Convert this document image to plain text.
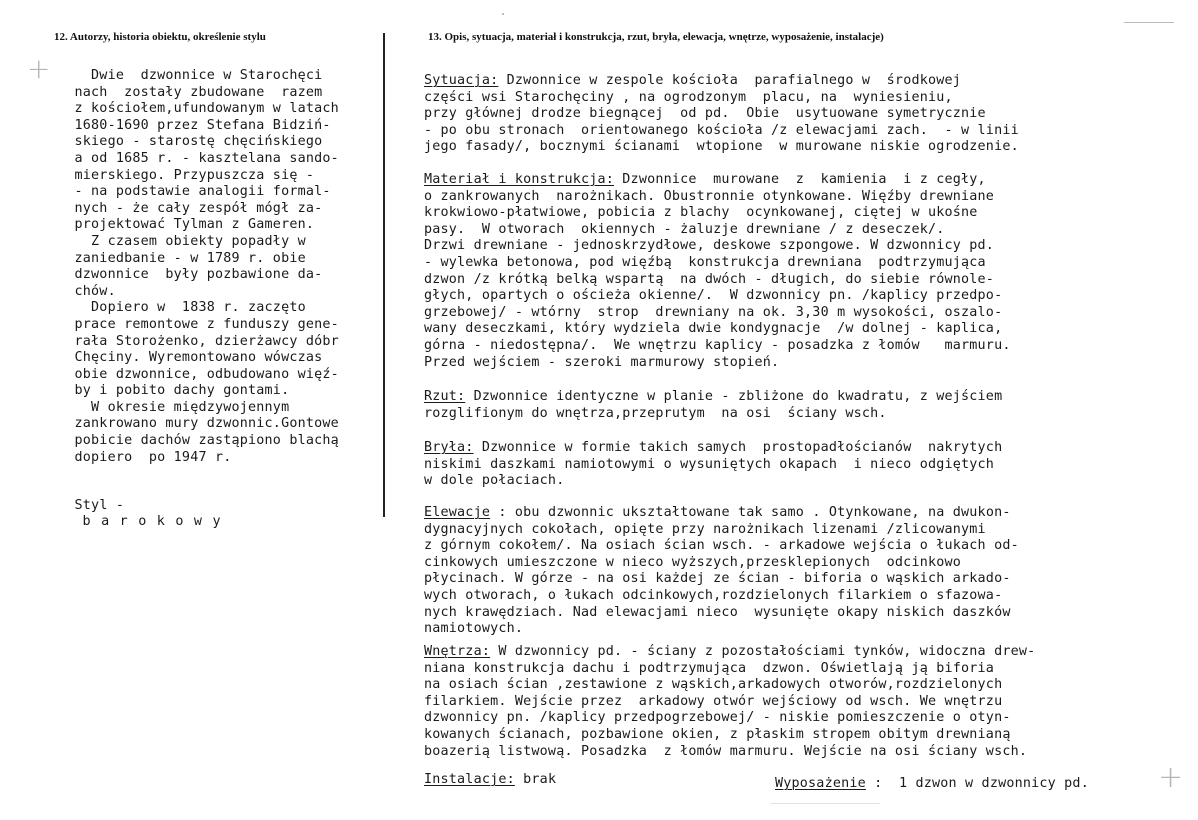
12. Autorzy, historia obiektu, określenie stylu	13. Opis, sytuacja, materiał i konstrukcja, rzut, bryła, elewacja, wnętrze, wyposażenie, instalacje)
+
+
Dwie  dzwonnice w Starochęci
nach  zostały zbudowane  razem
z kościołem,ufundowanym w latach
1680-1690 przez Stefana Bidziń-
skiego - starostę chęcińskiego
a od 1685 r. - kasztelana sando-
mierskiego. Przypuszcza się -
- na podstawie analogii formal-
nych - że cały zespół mógł za-
projektować Tylman z Gameren.
Z czasem obiekty popadły w
zaniedbanie - w 1789 r. obie
dzwonnice  były pozbawione da-
chów.
Dopiero w  1838 r. zaczęto
prace remontowe z funduszy gene-
rała Storożenko, dzierżawcy dóbr
Chęciny. Wyremontowano wówczas
obie dzwonnice, odbudowano więź-
by i pobito dachy gontami.
W okresie międzywojennym
zankrowano mury dzwonnic.Gontowe
pobicie dachów zastąpiono blachą
dopiero  po 1947 r.

Styl -
barokowy

Sytuacja: Dzwonnice w zespole kościoła  parafialnego w  środkowej
części wsi Starochęciny , na ogrodzonym  placu, na  wyniesieniu,
przy głównej drodze biegnącej  od pd.  Obie  usytuowane symetrycznie
- po obu stronach  orientowanego kościoła /z elewacjami zach.  - w linii
jego fasady/, bocznymi ścianami  wtopione  w murowane niskie ogrodzenie.
Materiał i konstrukcja: Dzwonnice  murowane  z  kamienia  i z cegły,
o zankrowanych  narożnikach. Obustronnie otynkowane. Więźby drewniane
krokwiowo-płatwiowe, pobicia z blachy  ocynkowanej, ciętej w ukośne
pasy.  W otworach  okiennych - żaluzje drewniane / z deseczek/.
Drzwi drewniane - jednoskrzydłowe, deskowe szpongowe. W dzwonnicy pd.
- wylewka betonowa, pod więźbą  konstrukcja drewniana  podtrzymująca
dzwon /z krótką belką wspartą  na dwóch - długich, do siebie równole-
głych, opartych o ościeża okienne/.  W dzwonnicy pn. /kaplicy przedpo-
grzebowej/ - wtórny  strop  drewniany na ok. 3,30 m wysokości, oszalo-
wany deseczkami, który wydziela dwie kondygnacje  /w dolnej - kaplica,
górna - niedostępna/.  We wnętrzu kaplicy - posadzka z łomów   marmuru.
Przed wejściem - szeroki marmurowy stopień.
Rzut: Dzwonnice identyczne w planie - zbliżone do kwadratu, z wejściem
rozglifionym do wnętrza,przeprutym  na osi  ściany wsch.
Bryła: Dzwonnice w formie takich samych  prostopadłościanów  nakrytych
niskimi daszkami namiotowymi o wysuniętych okapach  i nieco odgiętych
w dole połaciach.
Elewacje : obu dzwonnic ukształtowane tak samo . Otynkowane, na dwukon-
dygnacyjnych cokołach, opięte przy narożnikach lizenami /zlicowanymi
z górnym cokołem/. Na osiach ścian wsch. - arkadowe wejścia o łukach od-
cinkowych umieszczone w nieco wyższych,przesklepionych  odcinkowo
płycinach. W górze - na osi każdej ze ścian - biforia o wąskich arkado-
wych otworach, o łukach odcinkowych,rozdzielonych filarkiem o sfazowa-
nych krawędziach. Nad elewacjami nieco  wysunięte okapy niskich daszków
namiotowych.
Wnętrza: W dzwonnicy pd. - ściany z pozostałościami tynków, widoczna drew-
niana konstrukcja dachu i podtrzymująca  dzwon. Oświetlają ją biforia
na osiach ścian ,zestawione z wąskich,arkadowych otworów,rozdzielonych
filarkiem. Wejście przez  arkadowy otwór wejściowy od wsch. We wnętrzu
dzwonnicy pn. /kaplicy przedpogrzebowej/ - niskie pomieszczenie o otyn-
kowanych ścianach, pozbawione okien, z płaskim stropem obitym drewnianą
boazerią listwową. Posadzka  z łomów marmuru. Wejście na osi ściany wsch.
Instalacje: brak	Wyposażenie :  1 dzwon w dzwonnicy pd.
